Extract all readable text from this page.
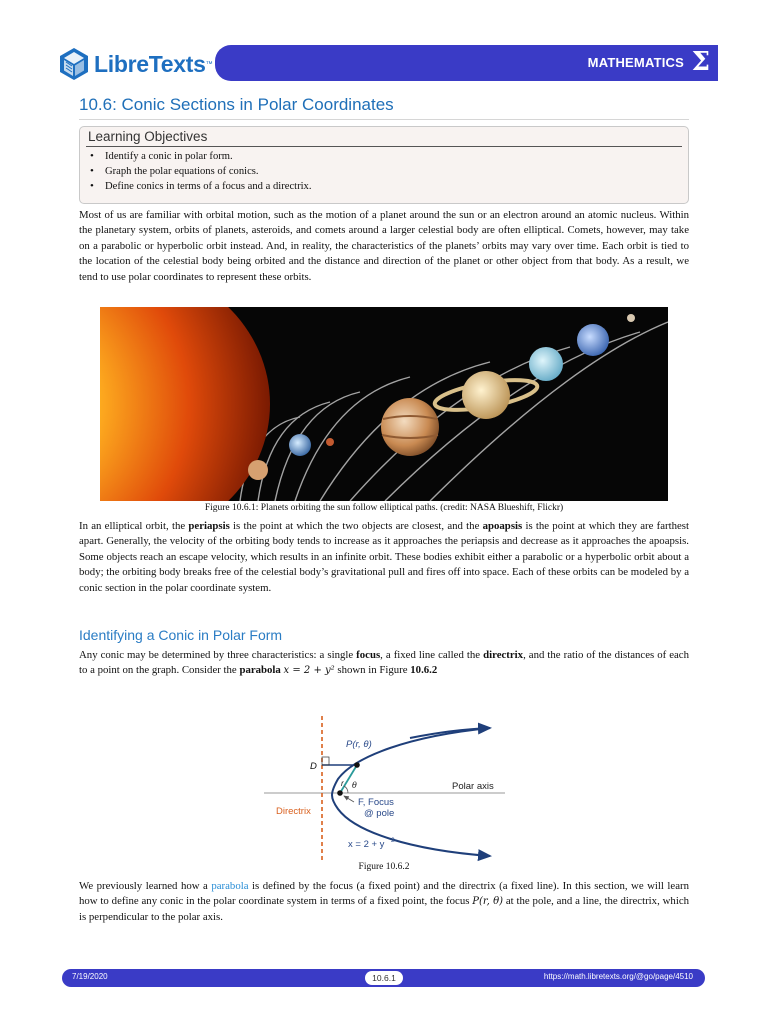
LibreTexts ™	MATHEMATICS Σ
10.6: Conic Sections in Polar Coordinates
Learning Objectives
• Identify a conic in polar form.
• Graph the polar equations of conics.
• Define conics in terms of a focus and a directrix.

Most of us are familiar with orbital motion, such as the motion of a planet around the sun or an electron around an atomic nucleus. Within the planetary system, orbits of planets, asteroids, and comets around a larger celestial body are often elliptical. Comets, however, may take on a parabolic or hyperbolic orbit instead. And, in reality, the characteristics of the planets’ orbits may vary over time. Each orbit is tied to the location of the celestial body being orbited and the distance and direction of the planet or other object from that body. As a result, we tend to use polar coordinates to represent these orbits.

Figure 10.6.1: Planets orbiting the sun follow elliptical paths. (credit: NASA Blueshift, Flickr)

In an elliptical orbit, the periapsis is the point at which the two objects are closest, and the apoapsis is the point at which they are farthest apart. Generally, the velocity of the orbiting body tends to increase as it approaches the periapsis and decrease as it approaches the apoapsis. Some objects reach an escape velocity, which results in an infinite orbit. These bodies exhibit either a parabolic or a hyperbolic orbit about a body; the orbiting body breaks free of the celestial body’s gravitational pull and fires off into space. Each of these orbits can be modeled by a conic section in the polar coordinate system.

Identifying a Conic in Polar Form

Any conic may be determined by three characteristics: a single focus, a fixed line called the directrix, and the ratio of the distances of each to a point on the graph. Consider the parabola x = 2 + y² shown in Figure 10.6.2

P(r, θ)
D
r θ	Polar axis
F, Focus
@ pole
Directrix
x = 2 + y 2
Figure 10.6.2

We previously learned how a parabola is defined by the focus (a fixed point) and the directrix (a fixed line). In this section, we will learn how to define any conic in the polar coordinate system in terms of a fixed point, the focus P(r, θ) at the pole, and a line, the directrix, which is perpendicular to the polar axis.

7/19/2020	10.6.1	https://math.libretexts.org/@go/page/4510
